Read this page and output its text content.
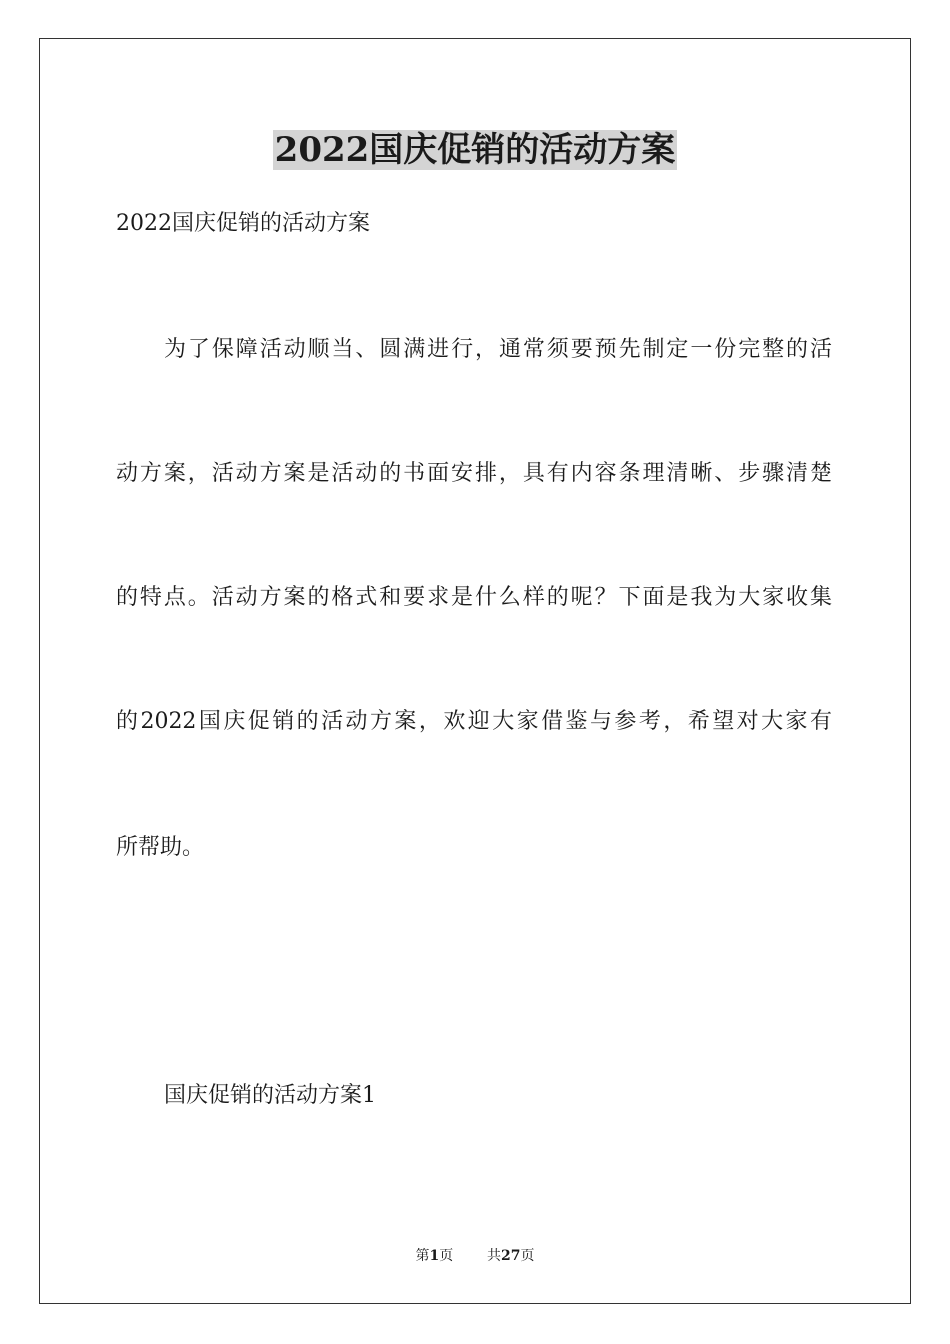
2022国庆促销的活动方案
2022国庆促销的活动方案
为了保障活动顺当、圆满进行，通常须要预先制定一份完整的活
动方案，活动方案是活动的书面安排，具有内容条理清晰、步骤清楚
的特点。活动方案的格式和要求是什么样的呢？下面是我为大家收集
的2022国庆促销的活动方案，欢迎大家借鉴与参考，希望对大家有
所帮助。
国庆促销的活动方案1
第1页 共27页
